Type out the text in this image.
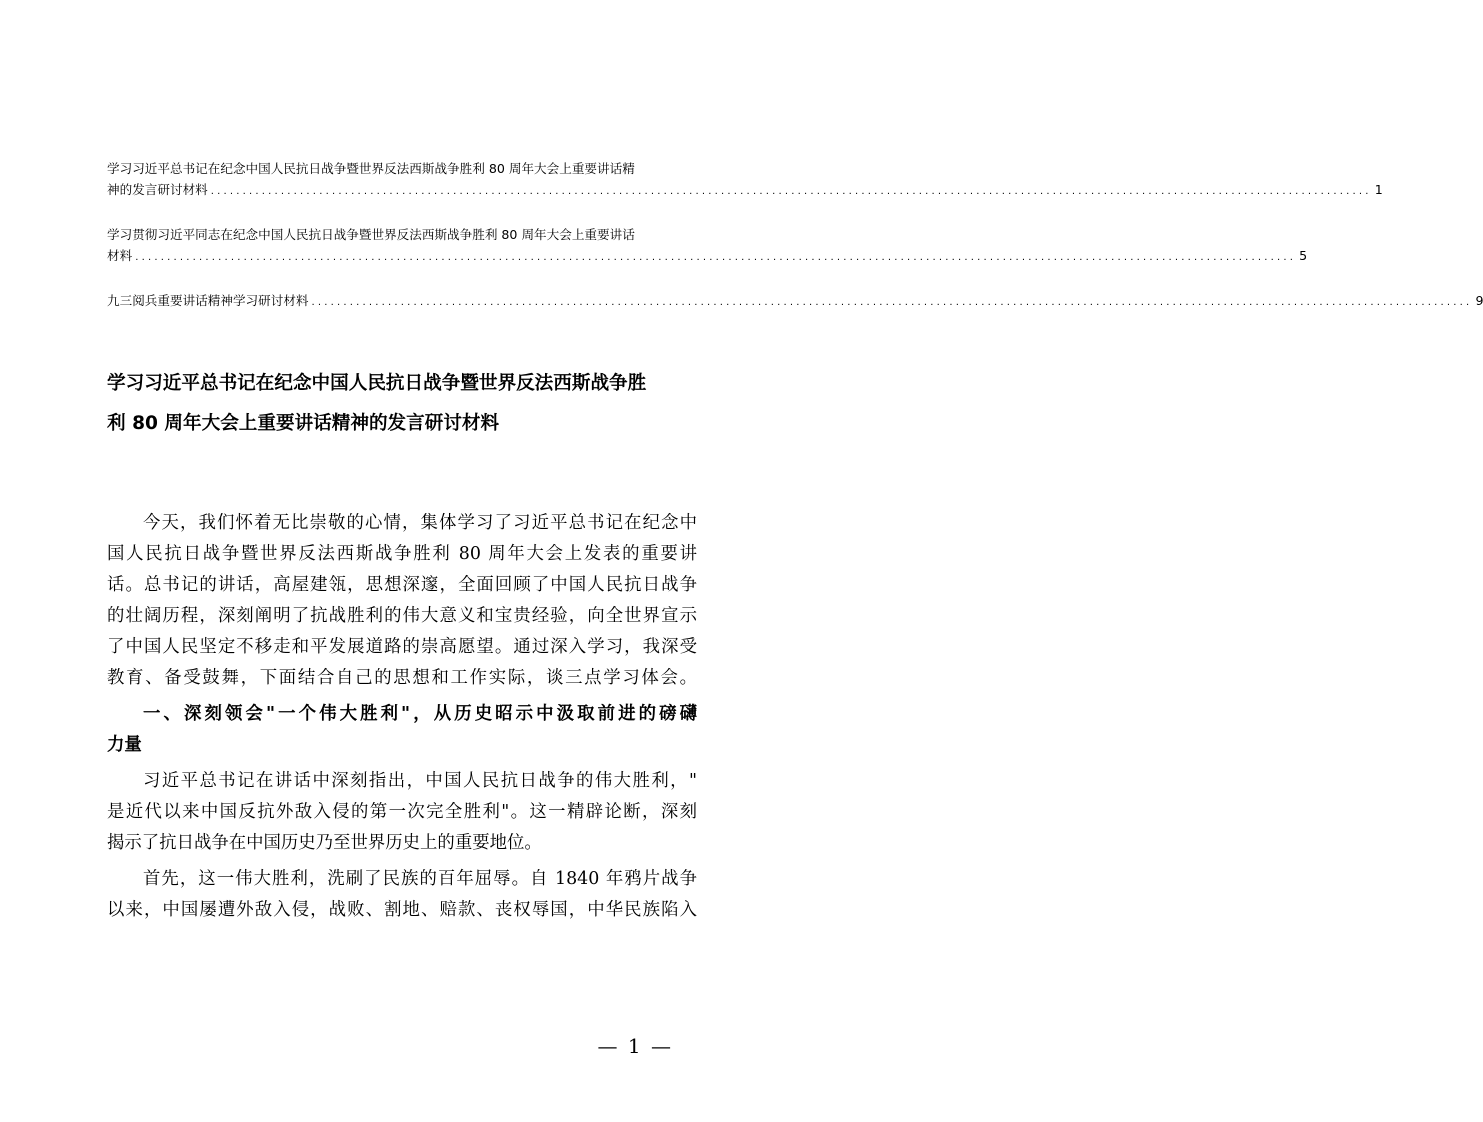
学习习近平总书记在纪念中国人民抗日战争暨世界反法西斯战争胜利 80 周年大会上重要讲话精
神的发言研讨材料 ...................................................................................................................................................................................... 1
学习贯彻习近平同志在纪念中国人民抗日战争暨世界反法西斯战争胜利 80 周年大会上重要讲话
材料 ...................................................................................................................................................................................... 5
九三阅兵重要讲话精神学习研讨材料 ...................................................................................................................................................................................... 9
学习习近平总书记在纪念中国人民抗日战争暨世界反法西斯战争胜
利 80 周年大会上重要讲话精神的发言研讨材料
今天，我们怀着无比崇敬的心情，集体学习了习近平总书记在纪念中
国人民抗日战争暨世界反法西斯战争胜利 80 周年大会上发表的重要讲
话。总书记的讲话，高屋建瓴，思想深邃，全面回顾了中国人民抗日战争
的壮阔历程，深刻阐明了抗战胜利的伟大意义和宝贵经验，向全世界宣示
了中国人民坚定不移走和平发展道路的崇高愿望。通过深入学习，我深受
教育、备受鼓舞，下面结合自己的思想和工作实际，谈三点学习体会。
一、深刻领会"一个伟大胜利"，从历史昭示中汲取前进的磅礴
力量
习近平总书记在讲话中深刻指出，中国人民抗日战争的伟大胜利，"
是近代以来中国反抗外敌入侵的第一次完全胜利"。这一精辟论断，深刻
揭示了抗日战争在中国历史乃至世界历史上的重要地位。
首先，这一伟大胜利，洗刷了民族的百年屈辱。自 1840 年鸦片战争
以来，中国屡遭外敌入侵，战败、割地、赔款、丧权辱国，中华民族陷入
— 1 —
